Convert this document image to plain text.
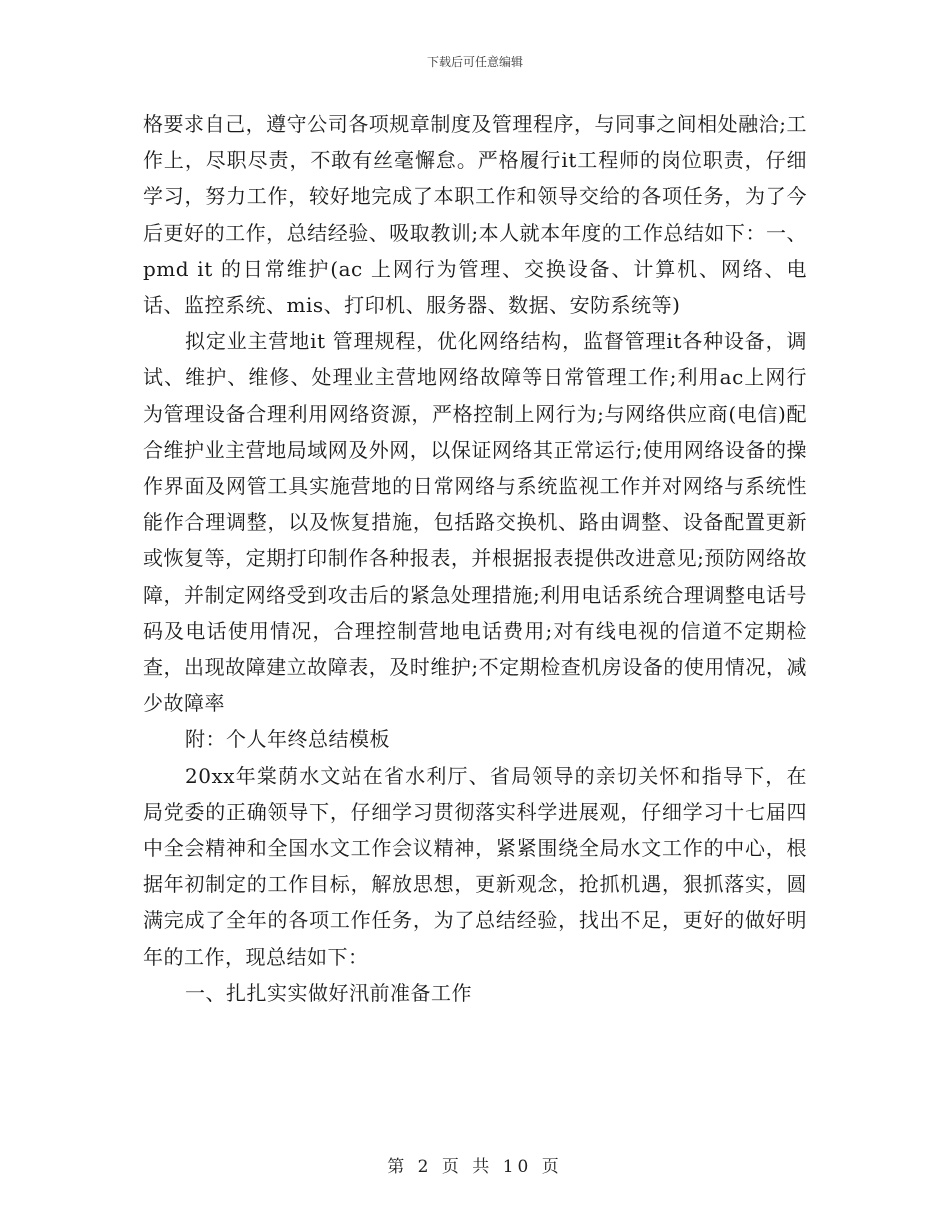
下载后可任意编辑

格要求自己，遵守公司各项规章制度及管理程序，与同事之间相处融洽;工作上，尽职尽责，不敢有丝毫懈怠。严格履行it工程师的岗位职责，仔细学习，努力工作，较好地完成了本职工作和领导交给的各项任务，为了今后更好的工作，总结经验、吸取教训;本人就本年度的工作总结如下：一、pmd it 的日常维护(ac 上网行为管理、交换设备、计算机、网络、电话、监控系统、mis、打印机、服务器、数据、安防系统等)

拟定业主营地it 管理规程，优化网络结构，监督管理it各种设备，调试、维护、维修、处理业主营地网络故障等日常管理工作;利用ac上网行为管理设备合理利用网络资源，严格控制上网行为;与网络供应商(电信)配合维护业主营地局域网及外网，以保证网络其正常运行;使用网络设备的操作界面及网管工具实施营地的日常网络与系统监视工作并对网络与系统性能作合理调整，以及恢复措施，包括路交换机、路由调整、设备配置更新或恢复等，定期打印制作各种报表，并根据报表提供改进意见;预防网络故障，并制定网络受到攻击后的紧急处理措施;利用电话系统合理调整电话号码及电话使用情况，合理控制营地电话费用;对有线电视的信道不定期检查，出现故障建立故障表，及时维护;不定期检查机房设备的使用情况，减少故障率

附：个人年终总结模板

20xx年棠荫水文站在省水利厅、省局领导的亲切关怀和指导下，在局党委的正确领导下，仔细学习贯彻落实科学进展观，仔细学习十七届四中全会精神和全国水文工作会议精神，紧紧围绕全局水文工作的中心，根据年初制定的工作目标，解放思想，更新观念，抢抓机遇，狠抓落实，圆满完成了全年的各项工作任务，为了总结经验，找出不足，更好的做好明年的工作，现总结如下：

一、扎扎实实做好汛前准备工作

第 2 页 共 10 页
